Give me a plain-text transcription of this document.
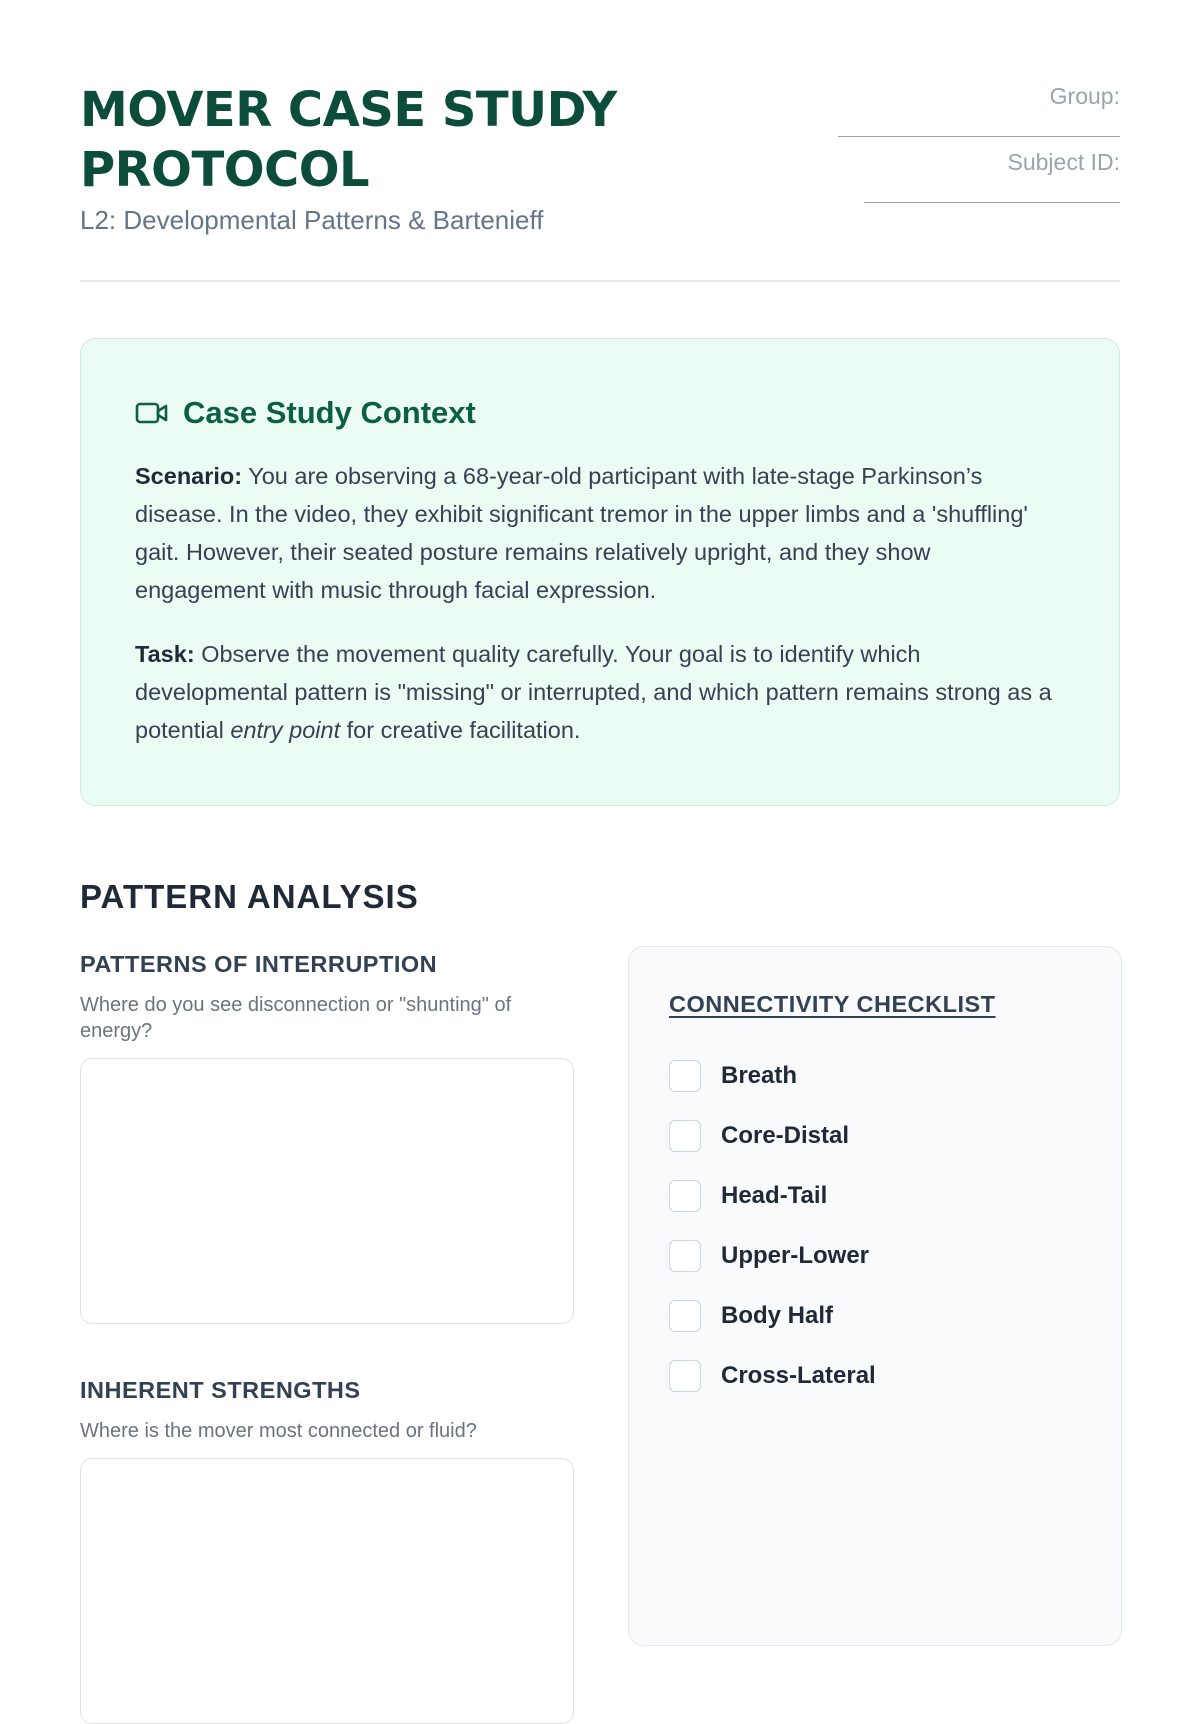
MOVER CASE STUDY PROTOCOL
L2: Developmental Patterns & Bartenieff
Group:
Subject ID:
Case Study Context

Scenario: You are observing a 68-year-old participant with late-stage Parkinson’s disease. In the video, they exhibit significant tremor in the upper limbs and a 'shuffling' gait. However, their seated posture remains relatively upright, and they show engagement with music through facial expression.

Task: Observe the movement quality carefully. Your goal is to identify which developmental pattern is "missing" or interrupted, and which pattern remains strong as a potential entry point for creative facilitation.

PATTERN ANALYSIS
PATTERNS OF INTERRUPTION

Where do you see disconnection or "shunting" of energy?

INHERENT STRENGTHS

Where is the mover most connected or fluid?

CONNECTIVITY CHECKLIST
Breath
Core-Distal
Head-Tail
Upper-Lower
Body Half
Cross-Lateral
